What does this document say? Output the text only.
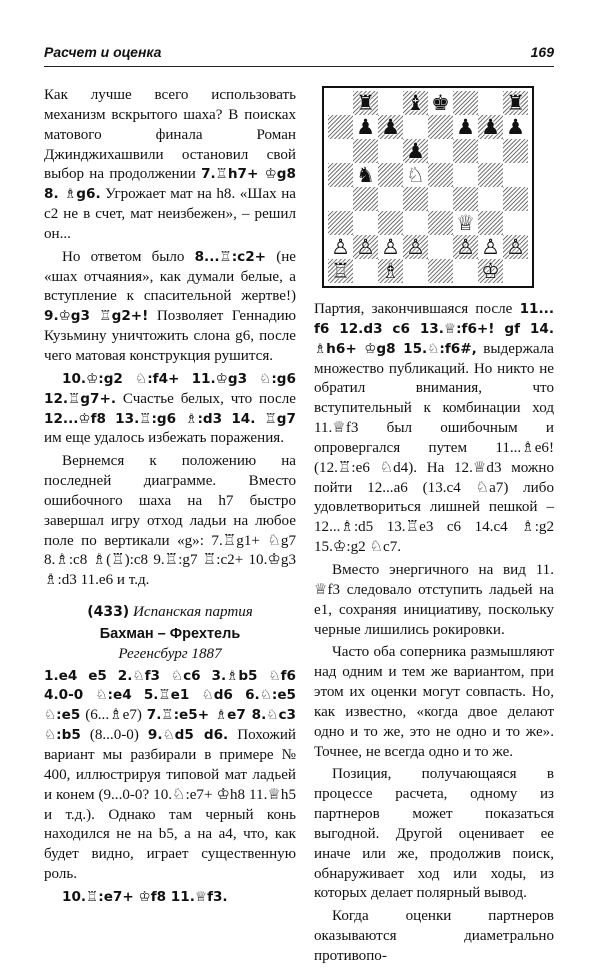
Расчет и оценка	169

Как лучше всего использовать механизм вскрытого шаха? В поисках матового финала Роман Джинджихашвили остановил свой выбор на продолжении 7.♖h7+ ♔g8 8. ♗g6. Угрожает мат на h8. «Шах на c2 не в счет, мат неизбежен», – решил он...

Но ответом было 8...♖:c2+ (не «шах отчаяния», как думали белые, а вступление к спасительной жертве!) 9.♔g3 ♖g2+! Позволяет Геннадию Кузьмину уничтожить слона g6, после чего матовая конструкция рушится.

10.♔:g2 ♘:f4+ 11.♔g3 ♘:g6 12.♖g7+. Счастье белых, что после 12...♔f8 13.♖:g6 ♗:d3 14. ♖g7 им еще удалось избежать поражения.

Вернемся к положению на последней диаграмме. Вместо ошибочного шаха на h7 быстро завершал игру отход ладьи на любое поле по вертикали «g»: 7.♖g1+ ♘g7 8.♗:c8 ♗(♖):c8 9.♖:g7 ♖:c2+ 10.♔g3 ♗:d3 11.e6 и т.д.

(433) Испанская партия
Бахман – Фрехтель
Регенсбург 1887

1.e4 e5 2.♘f3 ♘c6 3.♗b5 ♘f6 4.0-0 ♘:e4 5.♖e1 ♘d6 6.♘:e5 ♘:e5 (6...♗e7) 7.♖:e5+ ♗e7 8.♘c3 ♘:b5 (8...0-0) 9.♘d5 d6. Похожий вариант мы разбирали в примере № 400, иллюстрируя типовой мат ладьей и конем (9...0-0? 10.♘:e7+ ♔h8 11.♕h5 и т.д.). Однако там черный конь находился не на b5, а на a4, что, как будет видно, играет существенную роль.

10.♖:e7+ ♔f8 11.♕f3.

♜ ♝ ♚	♜
♟ ♟	♟ ♟ ♟
♟
♞ ♘
♕
♙ ♙ ♙ ♙ ♙ ♙ ♙
♖ ♗	♔

Партия, закончившаяся после 11... f6 12.d3 c6 13.♕:f6+! gf 14. ♗h6+ ♔g8 15.♘:f6#, выдержала множество публикаций. Но никто не обратил внимания, что вступительный к комбинации ход 11.♕f3 был ошибочным и опровергался путем 11...♗e6! (12.♖:e6 ♘d4). На 12.♕d3 можно пойти 12...a6 (13.c4 ♘a7) либо удовлетвориться лишней пешкой – 12...♗:d5 13.♖e3 c6 14.c4 ♗:g2 15.♔:g2 ♘c7.

Вместо энергичного на вид 11. ♕f3 следовало отступить ладьей на e1, сохраняя инициативу, поскольку черные лишились рокировки.

Часто оба соперника размышляют над одним и тем же вариантом, при этом их оценки могут совпасть. Но, как известно, «когда двое делают одно и то же, это не одно и то же». Точнее, не всегда одно и то же.

Позиция, получающаяся в процессе расчета, одному из партнеров может показаться выгодной. Другой оценивает ее иначе или же, продолжив поиск, обнаруживает ход или ходы, из которых делает полярный вывод.

Когда оценки партнеров оказываются диаметрально противопо-
